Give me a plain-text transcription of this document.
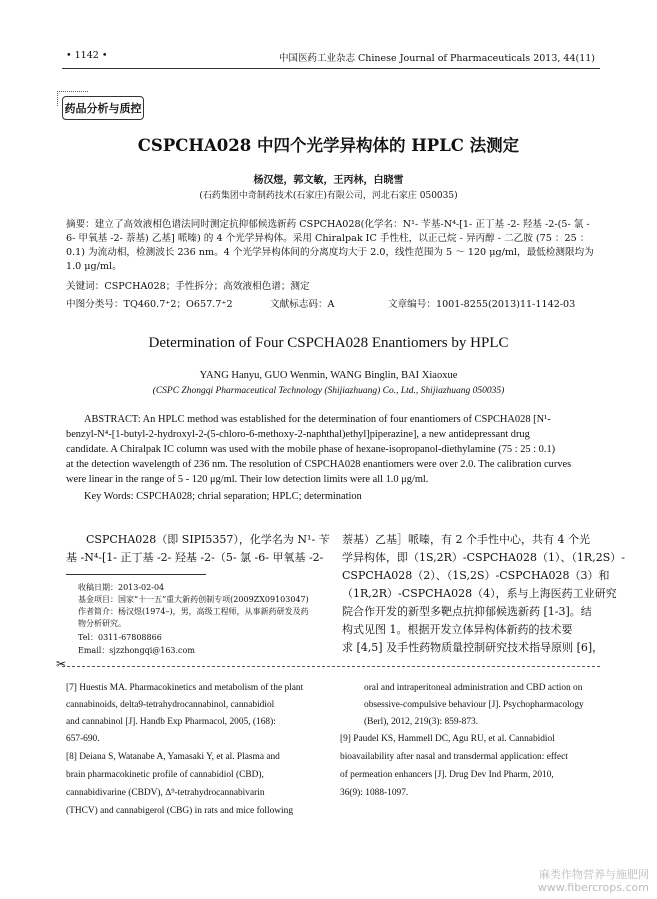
• 1142 •	中国医药工业杂志 Chinese Journal of Pharmaceuticals 2013, 44(11)
药品分析与质控
CSPCHA028 中四个光学异构体的 HPLC 法测定
杨汉煜，郭文敏，王丙林，白晓雪
(石药集团中奇制药技术(石家庄)有限公司，河北石家庄 050035)
摘要：建立了高效液相色谱法同时测定抗抑郁候选新药 CSPCHA028(化学名：N¹- 苄基-N⁴-[1- 正丁基 -2- 羟基 -2-(5- 氯 -
6- 甲氧基 -2- 萘基) 乙基] 哌嗪) 的 4 个光学异构体。采用 Chiralpak IC 手性柱，以正己烷 - 异丙醇 - 二乙胺 (75 ：25 ：
0.1) 为流动相，检测波长 236 nm。4 个光学异构体间的分离度均大于 2.0，线性范围为 5 ～ 120 μg/ml，最低检测限均为
1.0 μg/ml。
关键词：CSPCHA028；手性拆分；高效液相色谱；测定
中图分类号：TQ460.7⁺2；O657.7⁺2	文献标志码：A	文章编号：1001-8255(2013)11-1142-03
Determination of Four CSPCHA028 Enantiomers by HPLC
YANG Hanyu, GUO Wenmin, WANG Binglin, BAI Xiaoxue
(CSPC Zhongqi Pharmaceutical Technology (Shijiazhuang) Co., Ltd., Shijiazhuang 050035)
ABSTRACT: An HPLC method was established for the determination of four enantiomers of CSPCHA028 [N¹-
benzyl-N⁴-[1-butyl-2-hydroxyl-2-(5-chloro-6-methoxy-2-naphthal)ethyl]piperazine], a new antidepressant drug
candidate. A Chiralpak IC column was used with the mobile phase of hexane-isopropanol-diethylamine (75 : 25 : 0.1)
at the detection wavelength of 236 nm. The resolution of CSPCHA028 enantiomers were over 2.0. The calibration curves
were linear in the range of 5 - 120 μg/ml. Their low detection limits were all 1.0 μg/ml.
Key Words: CSPCHA028; chrial separation; HPLC; determination
CSPCHA028（即 SIPI5357），化学名为 N¹- 苄
基 -N⁴-[1- 正丁基 -2- 羟基 -2-（5- 氯 -6- 甲氧基 -2-
收稿日期：2013-02-04
基金项目：国家“十一五”重大新药创制专项(2009ZX09103047)
作者简介：杨汉煜(1974–)，男，高级工程师，从事新药研发及药
物分析研究。
Tel：0311-67808866
Email：sjzzhongqi@163.com
萘基）乙基］哌嗪，有 2 个手性中心，共有 4 个光
学异构体，即（1S,2R）-CSPCHA028（1）、（1R,2S）-
CSPCHA028（2）、（1S,2S）-CSPCHA028（3）和
（1R,2R）-CSPCHA028（4），系与上海医药工业研究
院合作开发的新型多靶点抗抑郁候选新药 [1-3]。结
构式见图 1。根据开发立体异构体新药的技术要
求 [4,5] 及手性药物质量控制研究技术指导原则 [6]，
✂
[7] Huestis MA. Pharmacokinetics and metabolism of the plant
cannabinoids, delta9-tetrahydrocannabinol, cannabidiol
and cannabinol [J]. Handb Exp Pharmacol, 2005, (168):
657-690.
[8] Deiana S, Watanabe A, Yamasaki Y, et al. Plasma and
brain pharmacokinetic profile of cannabidiol (CBD),
cannabidivarine (CBDV), Δ⁹-tetrahydrocannabivarin
(THCV) and cannabigerol (CBG) in rats and mice following
oral and intraperitoneal administration and CBD action on
obsessive-compulsive behaviour [J]. Psychopharmacology
(Berl), 2012, 219(3): 859-873.
[9] Paudel KS, Hammell DC, Agu RU, et al. Cannabidiol
bioavailability after nasal and transdermal application: effect
of permeation enhancers [J]. Drug Dev Ind Pharm, 2010,
36(9): 1088-1097.
麻类作物营养与施肥网
www.fibercrops.com
